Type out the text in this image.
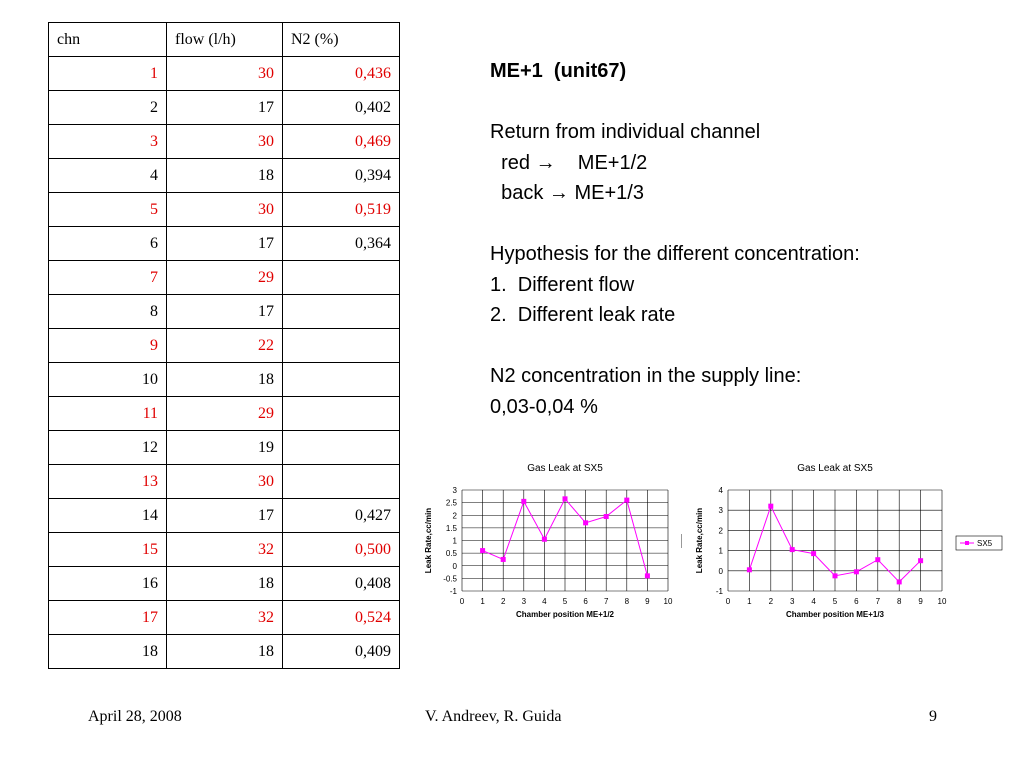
chn	flow (l/h)	N2 (%)
1	30	0,436
2	17	0,402
3	30	0,469
4	18	0,394
5	30	0,519
6	17	0,364
7	29	
8	17	
9	22	
10	18	
11	29	
12	19	
13	30	
14	17	0,427
15	32	0,500
16	18	0,408
17	32	0,524
18	18	0,409
ME+1  (unit67)
Return from individual channel
red →    ME+1/2
back → ME+1/3
Hypothesis for the different concentration:
1.  Different flow
2.  Different leak rate
N2 concentration in the supply line:
0,03-0,04 %
Gas Leak at SX5
-1
-0.5
0
0.5
1
1.5
2
2.5
3
0 1 2 3 4 5 6 7 8 9 10
Chamber position ME+1/2
Leak Rate,cc/min
Gas Leak at SX5
-1
0
1
2
3
4
0 1 2 3 4 5 6 7 8 9 10
Chamber position ME+1/3
Leak Rate,cc/min	SX5
April 28, 2008	V. Andreev, R. Guida	9
